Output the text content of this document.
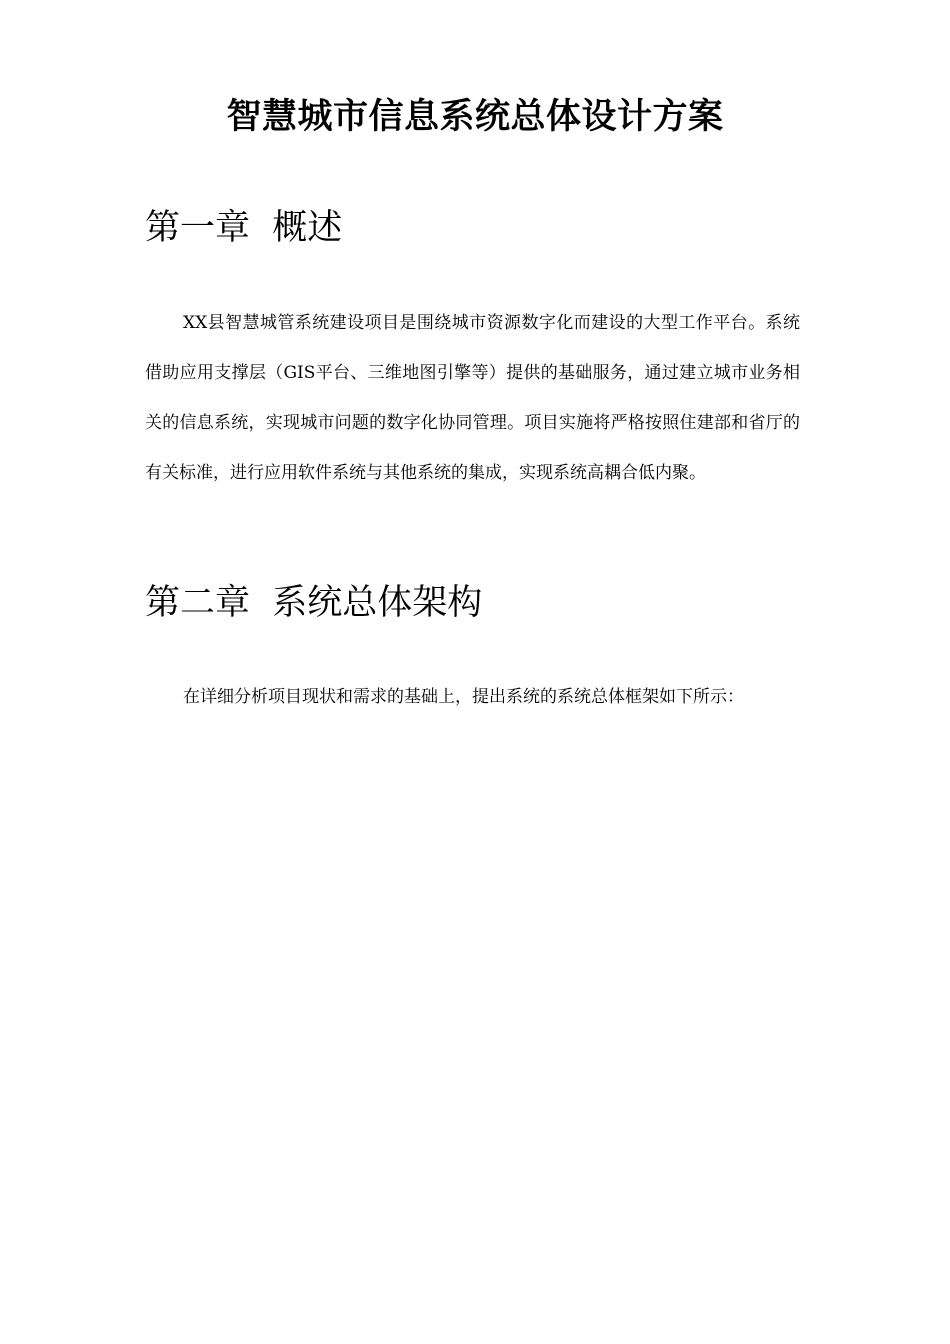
智慧城市信息系统总体设计方案
第一章  概述

XX县智慧城管系统建设项目是围绕城市资源数字化而建设的大型工作平台。系统借助应用支撑层（GIS平台、三维地图引擎等）提供的基础服务，通过建立城市业务相关的信息系统，实现城市问题的数字化协同管理。项目实施将严格按照住建部和省厅的有关标准，进行应用软件系统与其他系统的集成，实现系统高耦合低内聚。

第二章  系统总体架构

在详细分析项目现状和需求的基础上，提出系统的系统总体框架如下所示：
